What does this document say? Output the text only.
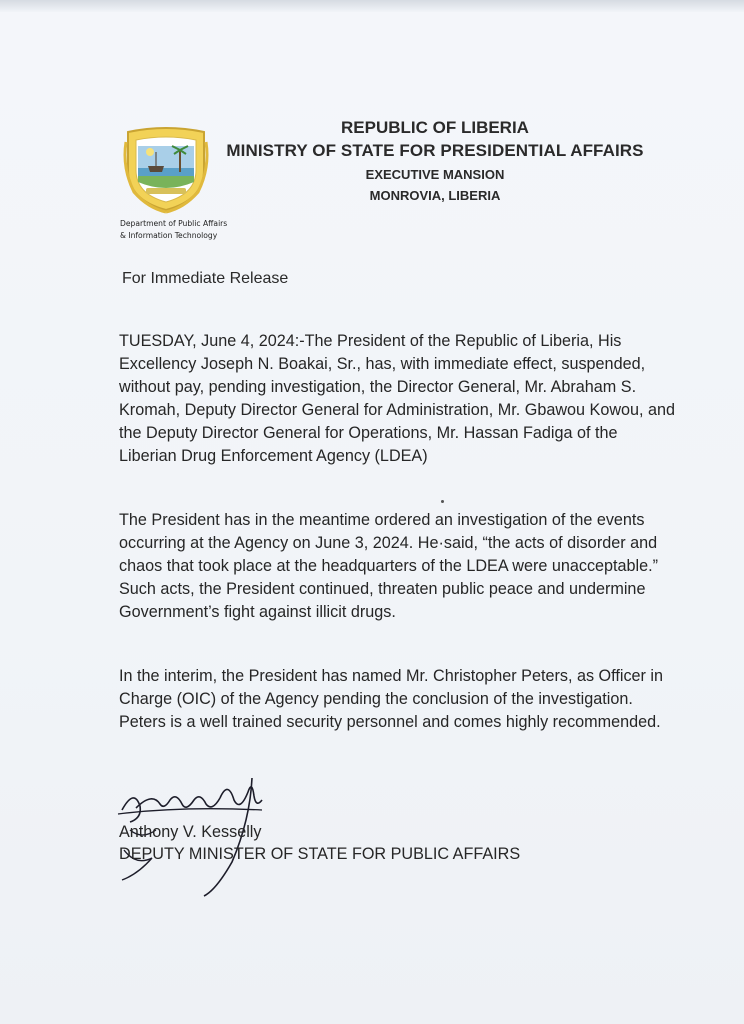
Department of Public Affairs
& Information Technology
REPUBLIC OF LIBERIA
MINISTRY OF STATE FOR PRESIDENTIAL AFFAIRS
EXECUTIVE MANSION
MONROVIA, LIBERIA
For Immediate Release
TUESDAY, June 4, 2024:-The President of the Republic of Liberia, His Excellency Joseph N. Boakai, Sr., has, with immediate effect, suspended, without pay, pending investigation, the Director General, Mr. Abraham S. Kromah, Deputy Director General for Administration, Mr. Gbawou Kowou, and the Deputy Director General for Operations, Mr. Hassan Fadiga of the Liberian Drug Enforcement Agency (LDEA)
The President has in the meantime ordered an investigation of the events occurring at the Agency on June 3, 2024. He·said, “the acts of disorder and chaos that took place at the headquarters of the LDEA were unacceptable.” Such acts, the President continued, threaten public peace and undermine Government’s fight against illicit drugs.
In the interim, the President has named Mr. Christopher Peters, as Officer in Charge (OIC) of the Agency pending the conclusion of the investigation. Peters is a well trained security personnel and comes highly recommended.
Anthony V. Kesselly
DEPUTY MINISTER OF STATE FOR PUBLIC AFFAIRS
